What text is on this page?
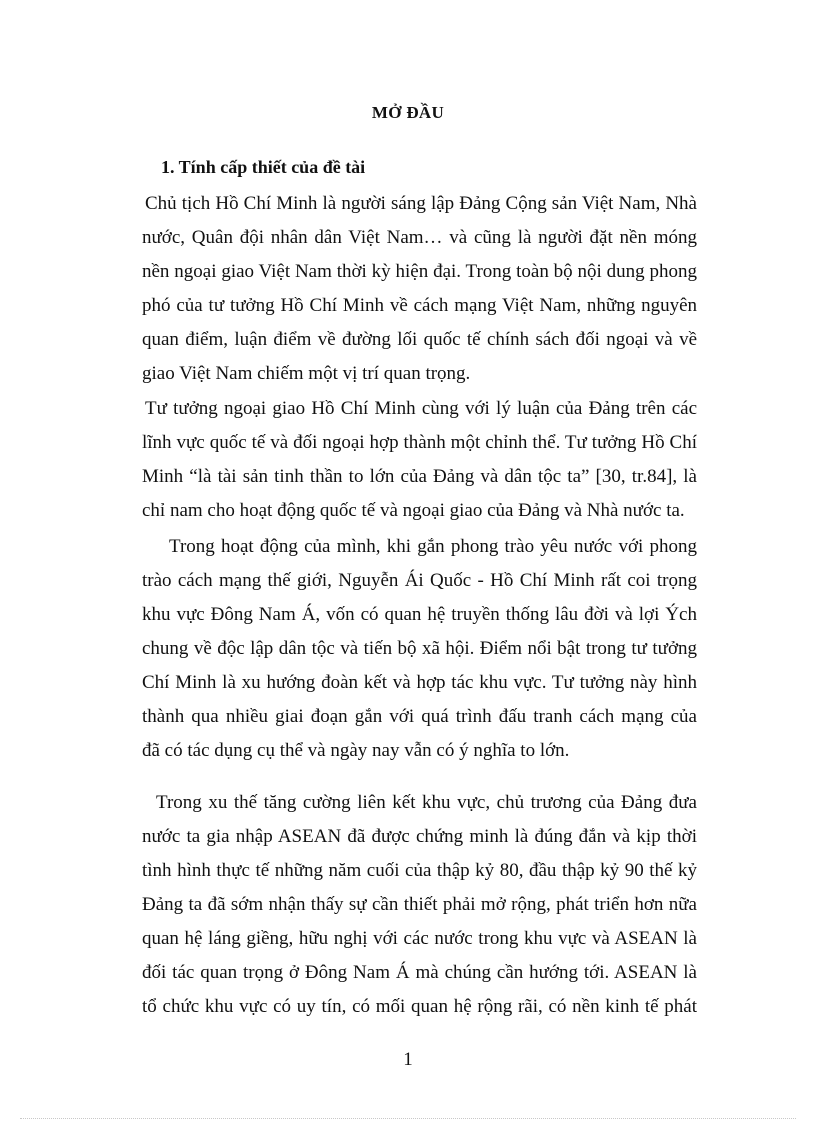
MỞ ĐẦU
1. Tính cấp thiết của đề tài
Chủ tịch Hồ Chí Minh là người sáng lập Đảng Cộng sản Việt Nam, Nhà
nước, Quân đội nhân dân Việt Nam… và cũng là người đặt nền móng
nền ngoại giao Việt Nam thời kỳ hiện đại. Trong toàn bộ nội dung phong
phó của tư tưởng Hồ Chí Minh về cách mạng Việt Nam, những nguyên
quan điểm, luận điểm về đường lối quốc tế chính sách đối ngoại và về
giao Việt Nam chiếm một vị trí quan trọng.
Tư tưởng ngoại giao Hồ Chí Minh cùng với lý luận của Đảng trên các
lĩnh vực quốc tế và đối ngoại hợp thành một chỉnh thể. Tư tưởng Hồ Chí
Minh “là tài sản tinh thần to lớn của Đảng và dân tộc ta” [30, tr.84], là
chỉ nam cho hoạt động quốc tế và ngoại giao của Đảng và Nhà nước ta.
Trong hoạt động của mình, khi gắn phong trào yêu nước với phong
trào cách mạng thế giới, Nguyễn Ái Quốc - Hồ Chí Minh rất coi trọng
khu vực Đông Nam Á, vốn có quan hệ truyền thống lâu đời và lợi Ých
chung về độc lập dân tộc và tiến bộ xã hội. Điểm nổi bật trong tư tưởng
Chí Minh là xu hướng đoàn kết và hợp tác khu vực. Tư tưởng này hình
thành qua nhiều giai đoạn gắn với quá trình đấu tranh cách mạng của
đã có tác dụng cụ thể và ngày nay vẫn có ý nghĩa to lớn.
Trong xu thế tăng cường liên kết khu vực, chủ trương của Đảng đưa
nước ta gia nhập ASEAN đã được chứng minh là đúng đắn và kịp thời
tình hình thực tế những năm cuối của thập kỷ 80, đầu thập kỷ 90 thế kỷ
Đảng ta đã sớm nhận thấy sự cần thiết phải mở rộng, phát triển hơn nữa
quan hệ láng giềng, hữu nghị với các nước trong khu vực và ASEAN là
đối tác quan trọng ở Đông Nam Á mà chúng cần hướng tới. ASEAN là
tổ chức khu vực có uy tín, có mối quan hệ rộng rãi, có nền kinh tế phát
1
